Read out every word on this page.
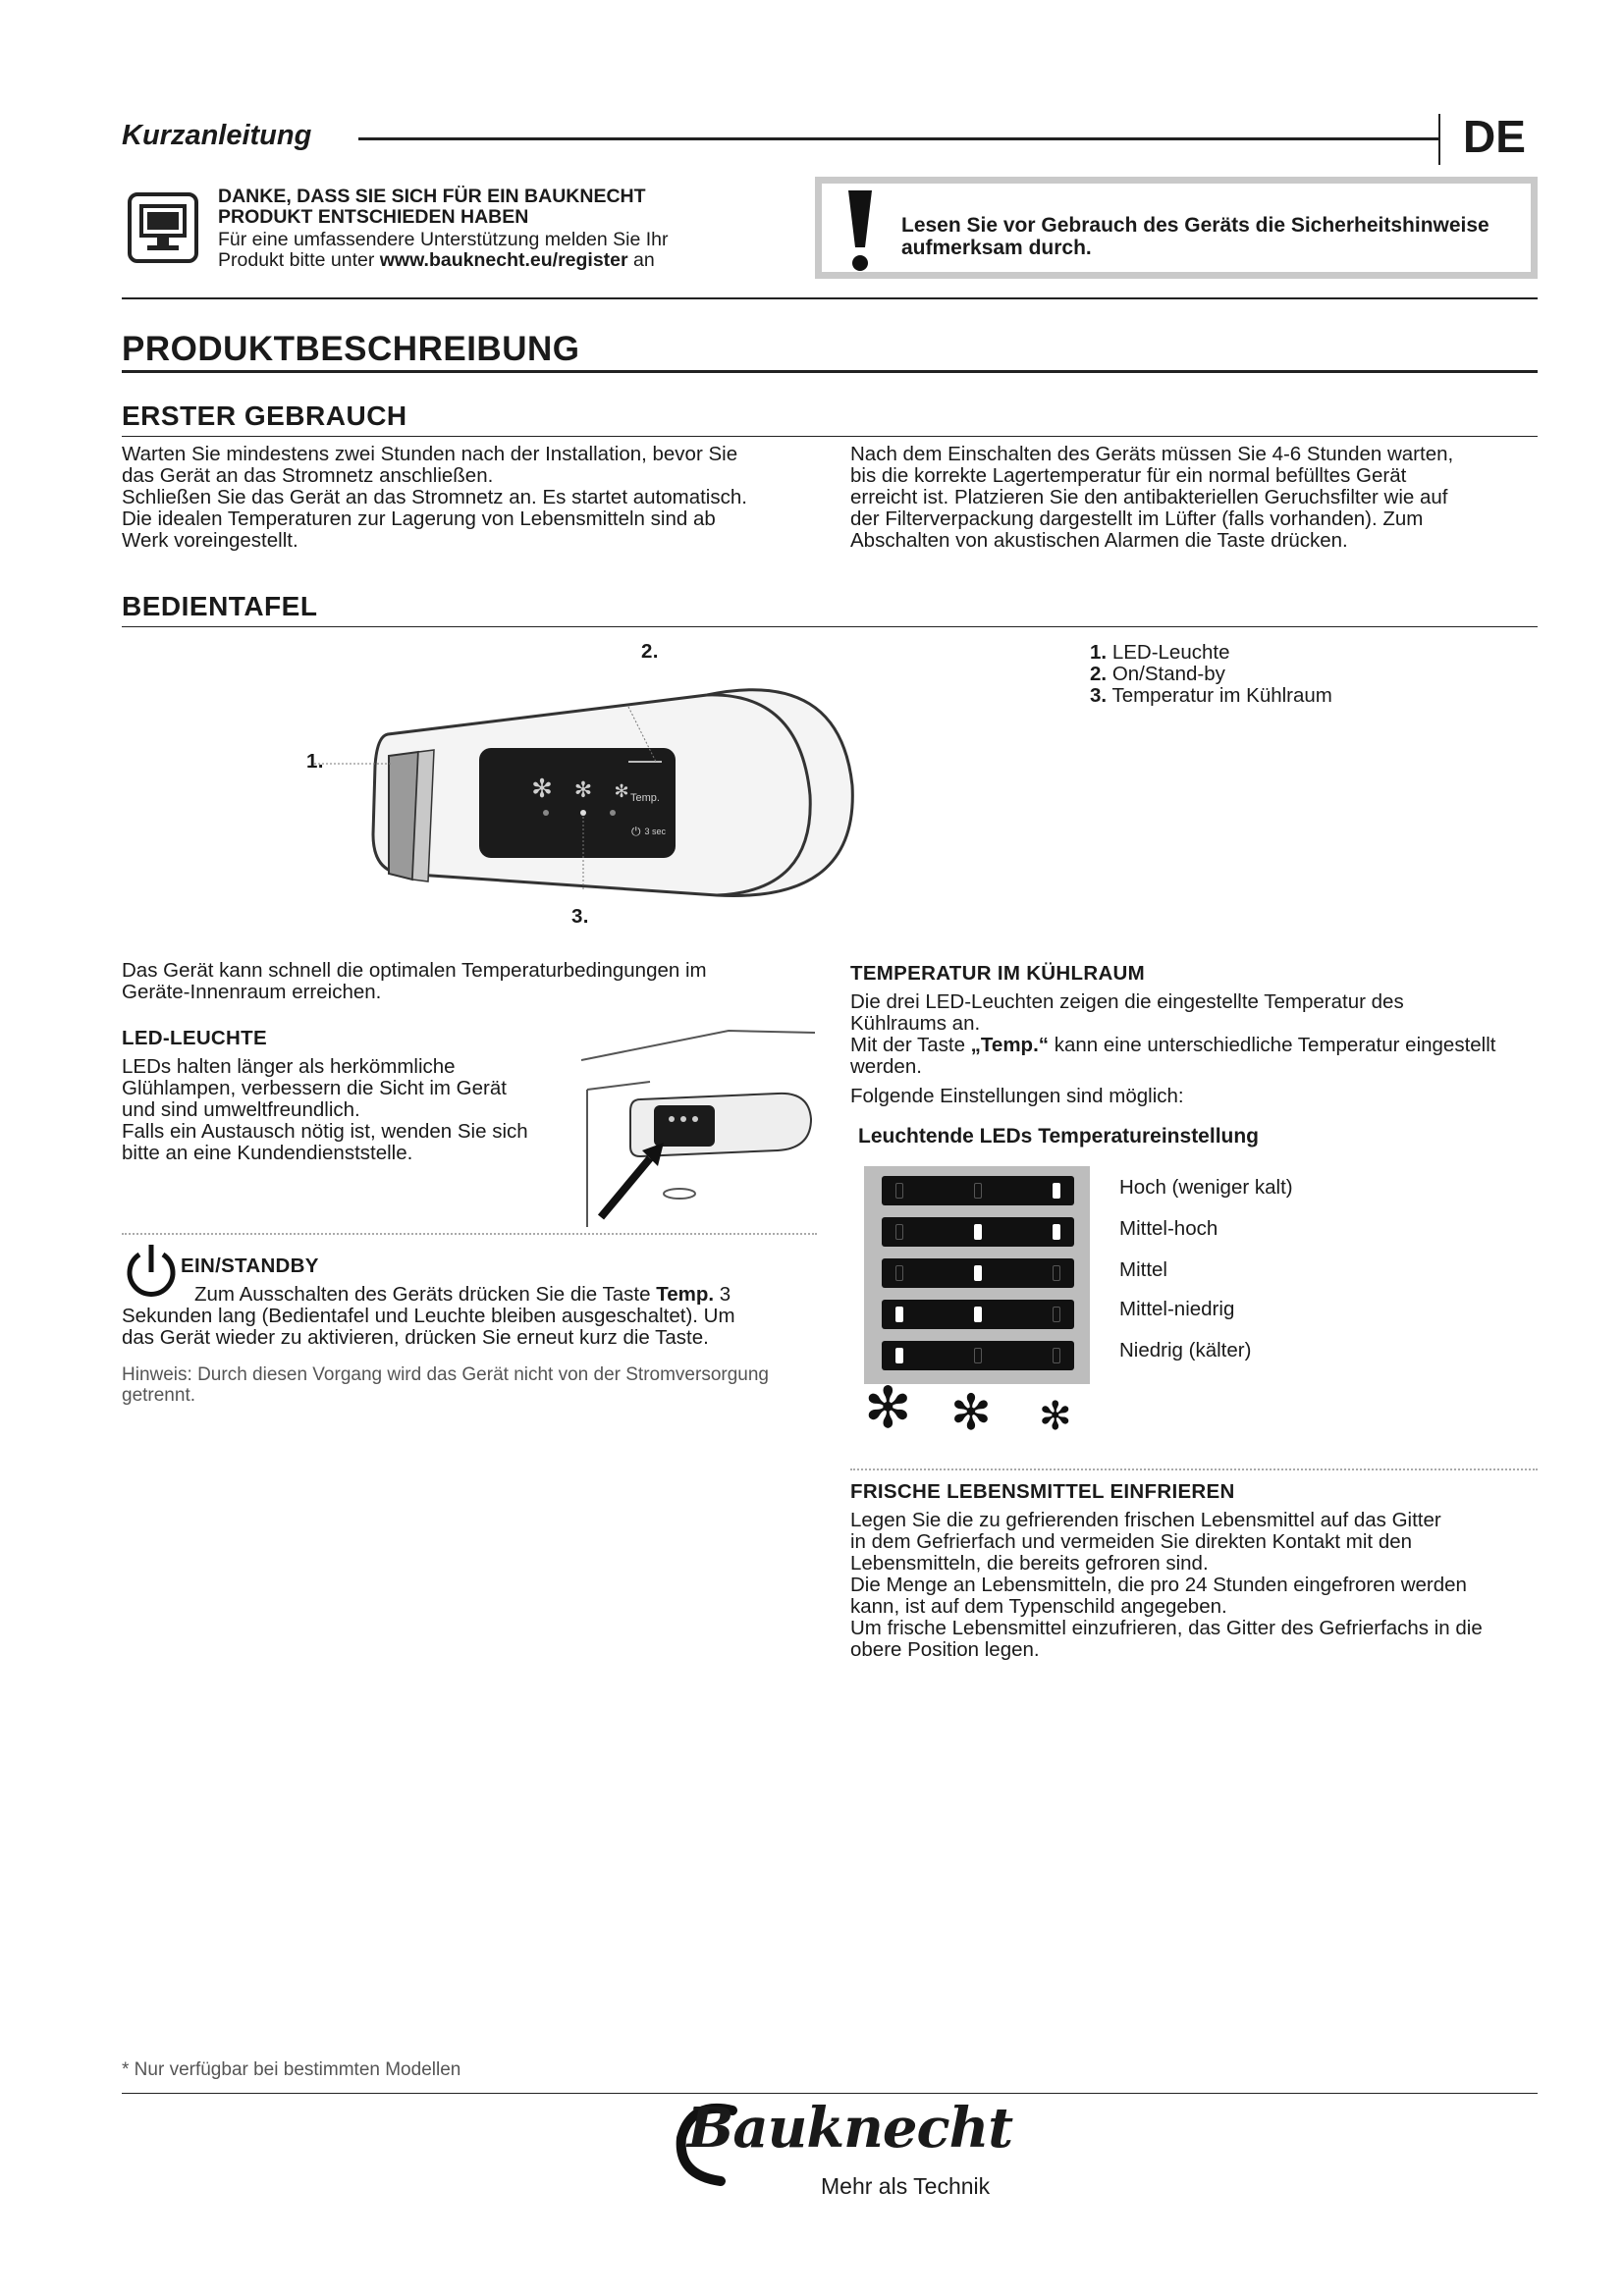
Kurzanleitung	DE
DANKE, DASS SIE SICH FÜR EIN BAUKNECHT
PRODUKT ENTSCHIEDEN HABEN
Für eine umfassendere Unterstützung melden Sie Ihr
Produkt bitte unter www.bauknecht.eu/register an
Lesen Sie vor Gebrauch des Geräts die Sicherheitshinweise
aufmerksam durch.
PRODUKTBESCHREIBUNG
ERSTER GEBRAUCH
Warten Sie mindestens zwei Stunden nach der Installation, bevor Sie
das Gerät an das Stromnetz anschließen.
Schließen Sie das Gerät an das Stromnetz an. Es startet automatisch.
Die idealen Temperaturen zur Lagerung von Lebensmitteln sind ab
Werk voreingestellt.
Nach dem Einschalten des Geräts müssen Sie 4-6 Stunden warten,
bis die korrekte Lagertemperatur für ein normal befülltes Gerät
erreicht ist. Platzieren Sie den antibakteriellen Geruchsfilter wie auf
der Filterverpackung dargestellt im Lüfter (falls vorhanden). Zum
Abschalten von akustischen Alarmen die Taste drücken.
BEDIENTAFEL
✻ ✻ ✻ Temp.
3 sec
⏻
1.
2.
3.
1. LED-Leuchte
2. On/Stand-by
3. Temperatur im Kühlraum
Das Gerät kann schnell die optimalen Temperaturbedingungen im
Geräte-Innenraum erreichen.
LED-LEUCHTE
LEDs halten länger als herkömmliche
Glühlampen, verbessern die Sicht im Gerät
und sind umweltfreundlich.
Falls ein Austausch nötig ist, wenden Sie sich
bitte an eine Kundendienststelle.
EIN/STANDBY
Zum Ausschalten des Geräts drücken Sie die Taste Temp. 3
Sekunden lang (Bedientafel und Leuchte bleiben ausgeschaltet). Um
das Gerät wieder zu aktivieren, drücken Sie erneut kurz die Taste.
Hinweis: Durch diesen Vorgang wird das Gerät nicht von der Stromversorgung
getrennt.
TEMPERATUR IM KÜHLRAUM
Die drei LED-Leuchten zeigen die eingestellte Temperatur des
Kühlraums an.
Mit der Taste „Temp.“ kann eine unterschiedliche Temperatur eingestellt
werden.
Folgende Einstellungen sind möglich:
Leuchtende LEDs Temperatureinstellung
Hoch (weniger kalt)
Mittel-hoch
Mittel
Mittel-niedrig
Niedrig (kälter)
✻ ✻ ✻
FRISCHE LEBENSMITTEL EINFRIEREN
Legen Sie die zu gefrierenden frischen Lebensmittel auf das Gitter
in dem Gefrierfach und vermeiden Sie direkten Kontakt mit den
Lebensmitteln, die bereits gefroren sind.
Die Menge an Lebensmitteln, die pro 24 Stunden eingefroren werden
kann, ist auf dem Typenschild angegeben.
Um frische Lebensmittel einzufrieren, das Gitter des Gefrierfachs in die
obere Position legen.
* Nur verfügbar bei bestimmten Modellen
Bauknecht
Mehr als Technik
